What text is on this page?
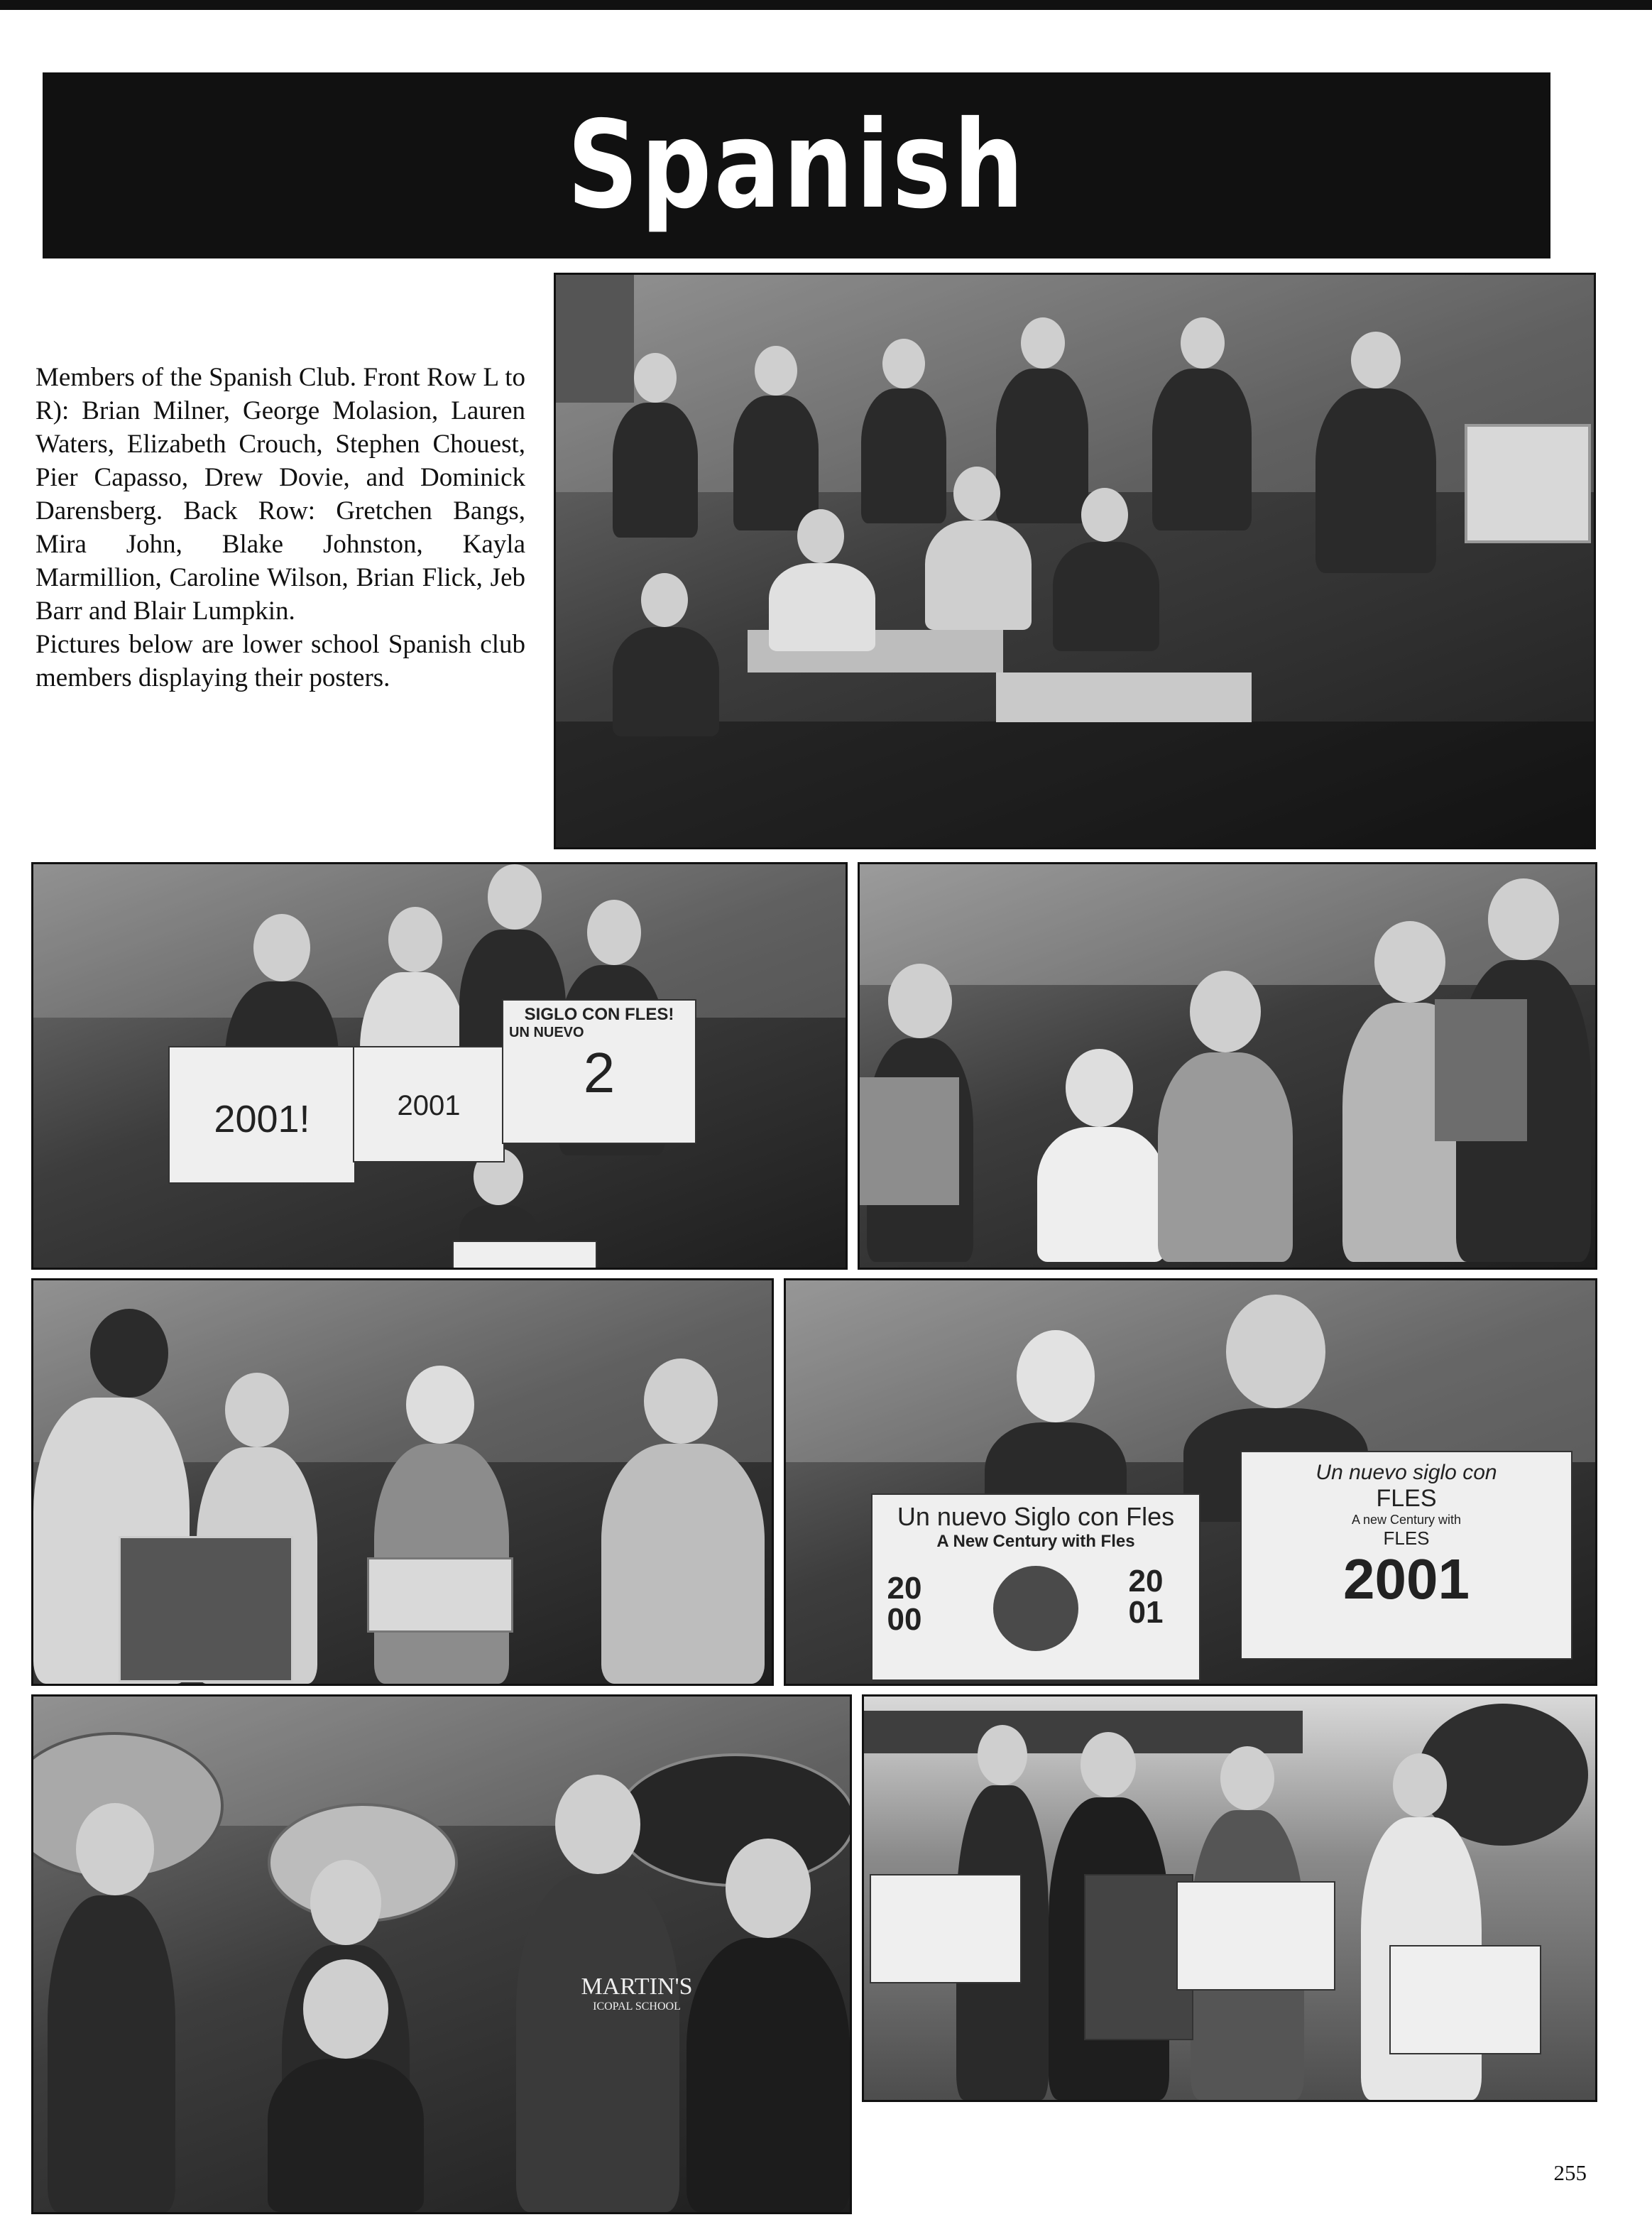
Spanish

Members of the Spanish Club. Front Row L to R): Brian Milner, George Molasion, Lauren Waters, Elizabeth Crouch, Stephen Chouest, Pier Capasso, Drew Dovie, and Dominick Darensberg. Back Row: Gretchen Bangs, Mira John, Blake Johnston, Kayla Marmillion, Caroline Wilson, Brian Flick, Jeb Barr and Blair Lumpkin.

Pictures below are lower school Spanish club members displaying their posters.

2001!	2001
SIGLO CON FLES!
UN NUEVO
2
Un nuevo Siglo con Fles
A New Century with Fles
2000
2001
Un nuevo siglo con
FLES
A new Century with
FLES
2001
MARTIN'S
ICOPAL SCHOOL
255
